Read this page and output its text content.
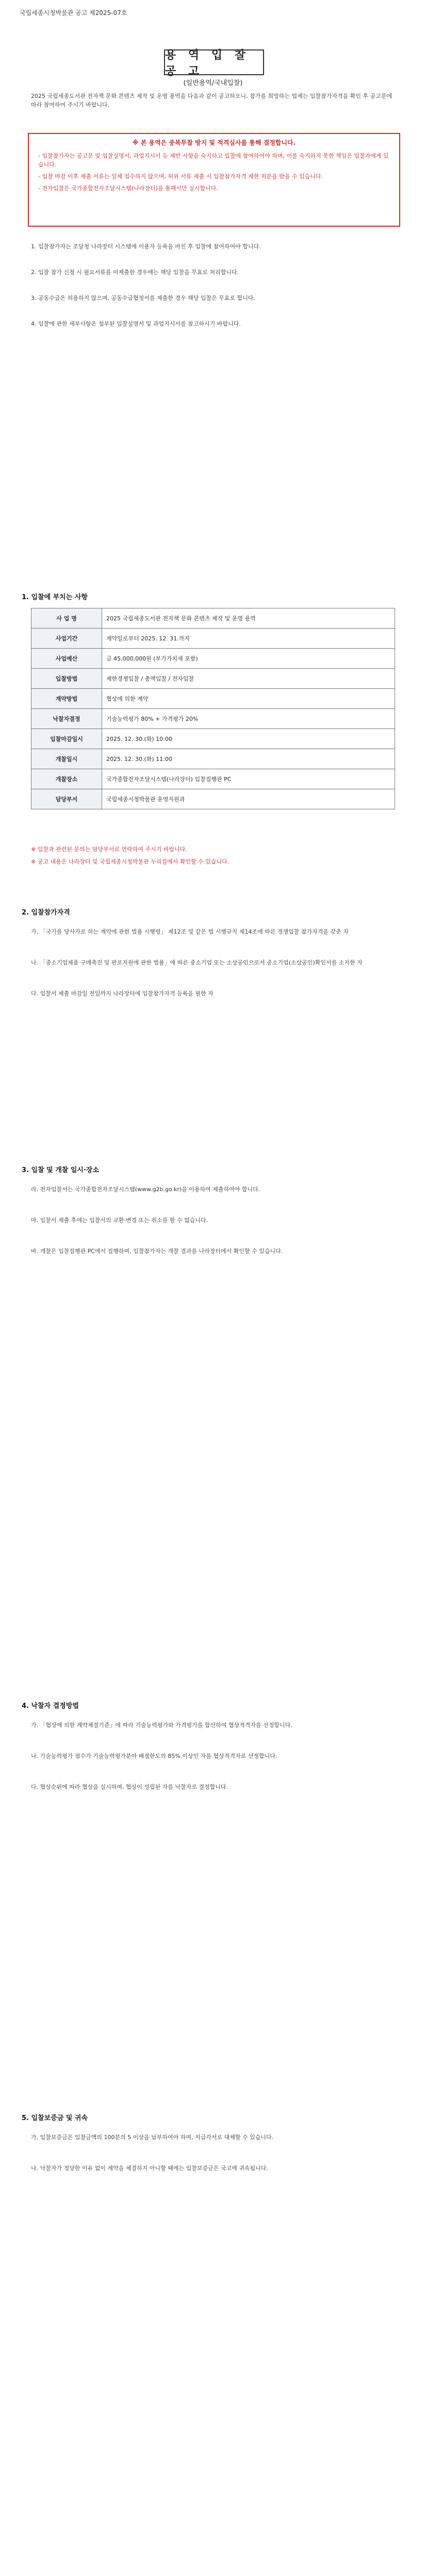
국립세종시청박물관 공고 제2025-07호
용 역 입 찰 공 고
(일반용역/국내입찰)
2025 국립세종도서관 전자책 문화 콘텐츠 제작 및 운영 용역을 다음과 같이 공고하오니, 참가를 희망하는 업체는 입찰참가자격을 확인 후 공고문에 따라 참여하여 주시기 바랍니다.
※ 본 용역은 중복투찰 방지 및 적격심사를 통해 결정합니다.
- 입찰참가자는 공고문 및 입찰설명서, 과업지시서 등 제반 사항을 숙지하고 입찰에 참여하여야 하며, 이를 숙지하지 못한 책임은 입찰자에게 있습니다.
- 입찰 마감 이후 제출 서류는 일체 접수하지 않으며, 허위 서류 제출 시 입찰참가자격 제한 처분을 받을 수 있습니다.
- 전자입찰은 국가종합전자조달시스템(나라장터)을 통해서만 실시합니다.
1. 입찰참가자는 조달청 나라장터 시스템에 이용자 등록을 마친 후 입찰에 참여하여야 합니다.
2. 입찰 참가 신청 시 필요서류를 미제출한 경우에는 해당 입찰을 무효로 처리합니다.
3. 공동수급은 허용하지 않으며, 공동수급협정서를 제출한 경우 해당 입찰은 무효로 합니다.
4. 입찰에 관한 세부사항은 첨부된 입찰설명서 및 과업지시서를 참고하시기 바랍니다.
1. 입찰에 부치는 사항
사 업 명	2025 국립세종도서관 전자책 문화 콘텐츠 제작 및 운영 용역
사업기간	계약일로부터 2025. 12. 31.까지
사업예산	금 45,000,000원 (부가가치세 포함)
입찰방법	제한경쟁입찰 / 총액입찰 / 전자입찰
계약방법	협상에 의한 계약
낙찰자결정	기술능력평가 80% + 가격평가 20%
입찰마감일시	2025. 12. 30.(화) 10:00
개찰일시	2025. 12. 30.(화) 11:00
개찰장소	국가종합전자조달시스템(나라장터) 입찰집행관 PC
담당부서	국립세종시청박물관 운영지원과
※ 입찰과 관련된 문의는 담당부서로 연락하여 주시기 바랍니다.
※ 공고 내용은 나라장터 및 국립세종시청박물관 누리집에서 확인할 수 있습니다.
2. 입찰참가자격
가. 「국가를 당사자로 하는 계약에 관한 법률 시행령」 제12조 및 같은 법 시행규칙 제14조에 따른 경쟁입찰 참가자격을 갖춘 자
나. 「중소기업제품 구매촉진 및 판로지원에 관한 법률」에 따른 중소기업 또는 소상공인으로서 중소기업(소상공인)확인서를 소지한 자
다. 입찰서 제출 마감일 전일까지 나라장터에 입찰참가자격 등록을 필한 자
3. 입찰 및 개찰 일시·장소
라. 전자입찰서는 국가종합전자조달시스템(www.g2b.go.kr)을 이용하여 제출하여야 합니다.
마. 입찰서 제출 후에는 입찰서의 교환·변경 또는 취소를 할 수 없습니다.
바. 개찰은 입찰집행관 PC에서 집행하며, 입찰참가자는 개찰 결과를 나라장터에서 확인할 수 있습니다.
4. 낙찰자 결정방법
가. 「협상에 의한 계약체결기준」에 따라 기술능력평가와 가격평가를 합산하여 협상적격자를 선정합니다.
나. 기술능력평가 점수가 기술능력평가분야 배점한도의 85% 이상인 자를 협상적격자로 선정합니다.
다. 협상순위에 따라 협상을 실시하며, 협상이 성립된 자를 낙찰자로 결정합니다.
5. 입찰보증금 및 귀속
가. 입찰보증금은 입찰금액의 100분의 5 이상을 납부하여야 하며, 지급각서로 대체할 수 있습니다.
나. 낙찰자가 정당한 이유 없이 계약을 체결하지 아니할 때에는 입찰보증금은 국고에 귀속됩니다.
